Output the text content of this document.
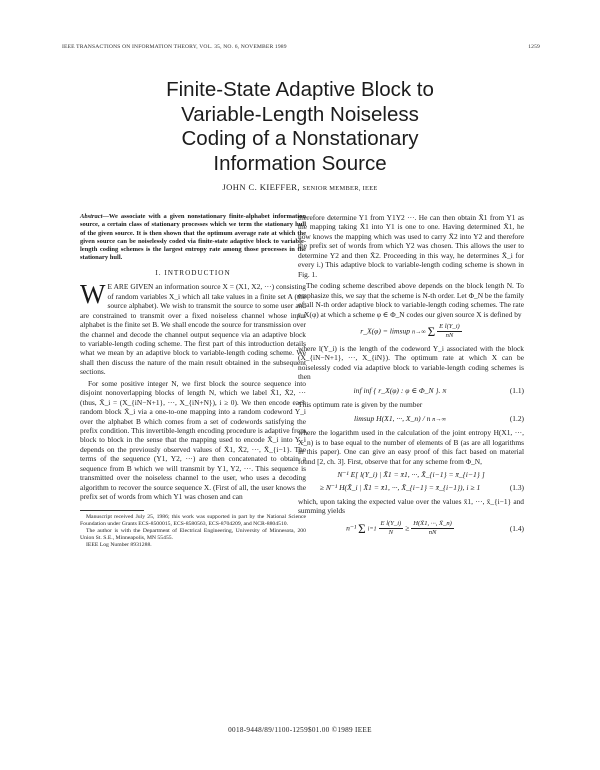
IEEE TRANSACTIONS ON INFORMATION THEORY, VOL. 35, NO. 6, NOVEMBER 1989	1259
Finite-State Adaptive Block to
Variable-Length Noiseless
Coding of a Nonstationary
Information Source
JOHN C. KIEFFER, SENIOR MEMBER, IEEE

Abstract—We associate with a given nonstationary finite-alphabet information source, a certain class of stationary processes which we term the stationary hull of the given source. It is then shown that the optimum average rate at which the given source can be noiselessly coded via finite-state adaptive block to variable-length coding schemes is the largest entropy rate among those processes in the stationary hull.

I. INTRODUCTION

W E ARE GIVEN an information source X = (X1, X2, ···) consisting of random variables X_i which all take values in a finite set A (the source alphabet). We wish to transmit the source to some user and are constrained to transmit over a fixed noiseless channel whose input alphabet is the finite set B. We shall encode the source for transmission over the channel and decode the channel output sequence via an adaptive block to variable-length coding scheme. The first part of this introduction details what we mean by an adaptive block to variable-length coding scheme. We shall then discuss the nature of the main result obtained in the subsequent sections.

For some positive integer N, we first block the source sequence into disjoint nonoverlapping blocks of length N, which we label X̄1, X̄2, ··· (thus, X̄_i = (X_{iN−N+1}, ···, X_{iN+N}), i ≥ 0). We then encode each random block X̄_i via a one-to-one mapping into a random codeword Y_i over the alphabet B which comes from a set of codewords satisfying the prefix condition. This invertible-length encoding procedure is adaptive from block to block in the sense that the mapping used to encode X̄_i into Y_i depends on the previously observed values of X̄1, X̄2, ···, X̄_{i−1}. The terms of the sequence (Y1, Y2, ···) are then concatenated to obtain a sequence from B which we will transmit by Y1, Y2, ···. This sequence is transmitted over the noiseless channel to the user, who uses a decoding algorithm to recover the source sequence X. (First of all, the user knows the prefix set of words from which Y1 was chosen and can

Manuscript received July 25, 1986; this work was supported in part by the National Science Foundation under Grants ECS-8500015, ECS-8580563, ECS-8704209, and NCR-8804510.

The author is with the Department of Electrical Engineering, University of Minnesota, 200 Union St. S.E., Minneapolis, MN 55455.

IEEE Log Number 8931288.

therefore determine Y1 from Y1Y2 ···. He can then obtain X̄1 from Y1 as the mapping taking X̄1 into Y1 is one to one. Having determined X̄1, he now knows the mapping which was used to carry X̄2 into Y2 and therefore the prefix set of words from which Y2 was chosen. This allows the user to determine Y2 and then X̄2. Proceeding in this way, he determines X̄_i for every i.) This adaptive block to variable-length coding scheme is shown in Fig. 1.

The coding scheme described above depends on the block length N. To emphasize this, we say that the scheme is N-th order. Let Φ_N be the family of all N-th order adaptive block to variable-length coding schemes. The rate r_X(φ) at which a scheme φ ∈ Φ_N codes our given source X is defined by

r_X(φ) = limsup n→∞ Σ $\frac{\text{E l(Y\_i)}}{nN}$

where l(Y_i) is the length of the codeword Y_i associated with the block (X_{iN−N+1}, ···, X_{iN}). The optimum rate at which X can be noiselessly coded via adaptive block to variable-length coding schemes is then

inf inf { r_X(φ) : φ ∈ Φ_N }. N	(1.1)

This optimum rate is given by the number

limsup H(X1, ···, X_n) / n n→∞	(1.2)

where the logarithm used in the calculation of the joint entropy H(X1, ···, X_n) is to base equal to the number of elements of B (as are all logarithms in this paper). One can give an easy proof of this fact based on material found [2, ch. 3]. First, observe that for any scheme from Φ_N,

N⁻¹ E[ l(Y_i) | X̄1 = x̄1, ···, X̄_{i−1} = x̄_{i−1} ]
≥ N⁻¹ H(X̄_i | X̄1 = x̄1, ···, X̄_{i−1} = x̄_{i−1}), i ≥ 1	(1.3)

which, upon taking the expected value over the values x̄1, ···, x̄_{i−1} and summing yields

n⁻¹ Σ $i=1 \frac{\text{E l(Y\_i)}}{N} \ge \frac{H(X̄1, \cdot\cdot\cdot, X̄\_n)}{nN}$	(1.4)
0018-9448/89/1100-1259$01.00 ©1989 IEEE
